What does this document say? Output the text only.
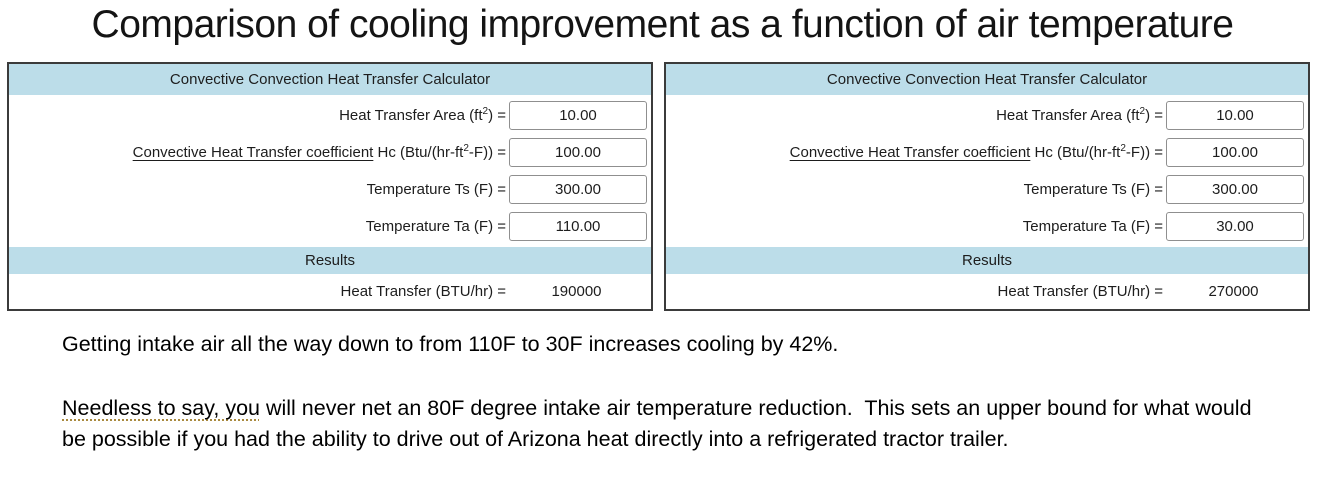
Comparison of cooling improvement as a function of air temperature
Convective Convection Heat Transfer Calculator
Heat Transfer Area $(ft^2)$ =
10.00
Convective Heat Transfer coefficient Hc $(Btu/(hr-ft^2-F))$ =
100.00
Temperature Ts (F) =
300.00
Temperature Ta (F) =
110.00
Results
Heat Transfer (BTU/hr) =	190000
Convective Convection Heat Transfer Calculator
Heat Transfer Area $(ft^2)$ =
10.00
Convective Heat Transfer coefficient Hc $(Btu/(hr-ft^2-F))$ =
100.00
Temperature Ts (F) =
300.00
Temperature Ta (F) =
30.00
Results
Heat Transfer (BTU/hr) =	270000

Getting intake air all the way down to from 110F to 30F increases cooling by 42%.

Needless to say, you will never net an 80F degree intake air temperature reduction.  This sets an upper bound for what would be possible if you had the ability to drive out of Arizona heat directly into a refrigerated tractor trailer.
